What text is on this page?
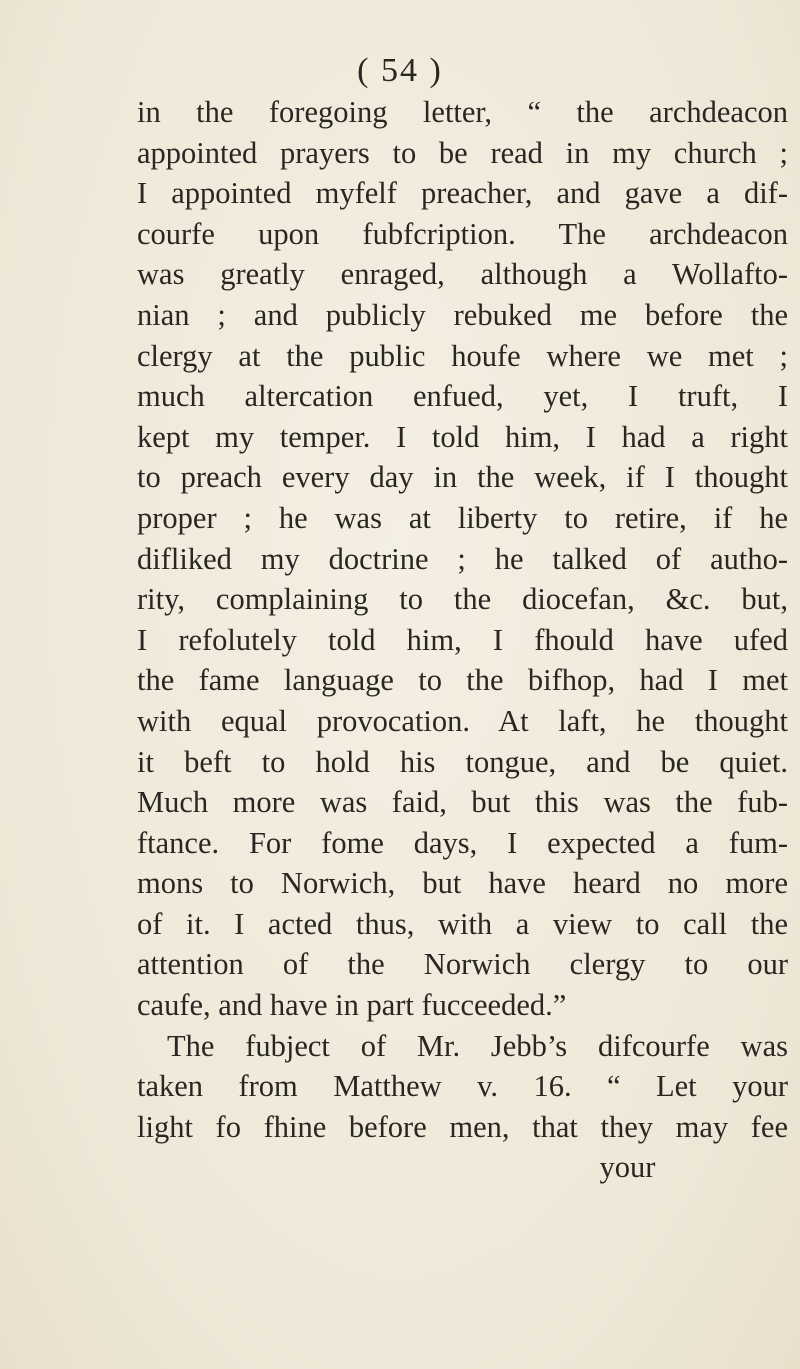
( 54 )
in the foregoing letter, “ the archdeacon
appointed prayers to be read in my church ;
I appointed myfelf preacher, and gave a dif-
courfe upon fubfcription. The archdeacon
was greatly enraged, although a Wollafto-
nian ; and publicly rebuked me before the
clergy at the public houfe where we met ;
much altercation enfued, yet, I truft, I
kept my temper. I told him, I had a right
to preach every day in the week, if I thought
proper ; he was at liberty to retire, if he
difliked my doctrine ; he talked of autho-
rity, complaining to the diocefan, &c. but,
I refolutely told him, I fhould have ufed
the fame language to the bifhop, had I met
with equal provocation. At laft, he thought
it beft to hold his tongue, and be quiet.
Much more was faid, but this was the fub-
ftance. For fome days, I expected a fum-
mons to Norwich, but have heard no more
of it. I acted thus, with a view to call the
attention of the Norwich clergy to our
caufe, and have in part fucceeded.”
The fubject of Mr. Jebb’s difcourfe was
taken from Matthew v. 16. “ Let your
light fo fhine before men, that they may fee
your
